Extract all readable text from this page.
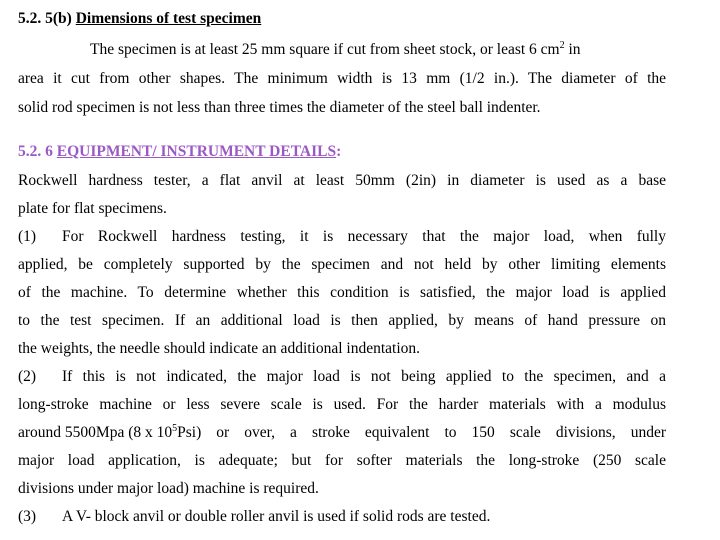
5.2. 5(b) Dimensions of test specimen
The specimen is at least 25 mm square if cut from sheet stock, or least 6 $cm^2$ in
area it cut from other shapes. The minimum width is 13 mm (1/2 in.). The diameter of the
solid rod specimen is not less than three times the diameter of the steel ball indenter.
5.2. 6 EQUIPMENT/ INSTRUMENT DETAILS:
Rockwell hardness tester, a flat anvil at least 50mm (2in) in diameter is used as a base
plate for flat specimens.
(1)	For Rockwell hardness testing, it is necessary that the major load, when fully
applied, be completely supported by the specimen and not held by other limiting elements
of the machine. To determine whether this condition is satisfied, the major load is applied
to the test specimen. If an additional load is then applied, by means of hand pressure on
the weights, the needle should indicate an additional indentation.
(2)	If this is not indicated, the major load is not being applied to the specimen, and a
long-stroke machine or less severe scale is used. For the harder materials with a modulus
around 5500Mpa (8 x $10^5$ Psi) or over, a stroke equivalent to 150 scale divisions, under
major load application, is adequate; but for softer materials the long-stroke (250 scale
divisions under major load) machine is required.
(3)	A V- block anvil or double roller anvil is used if solid rods are tested.
